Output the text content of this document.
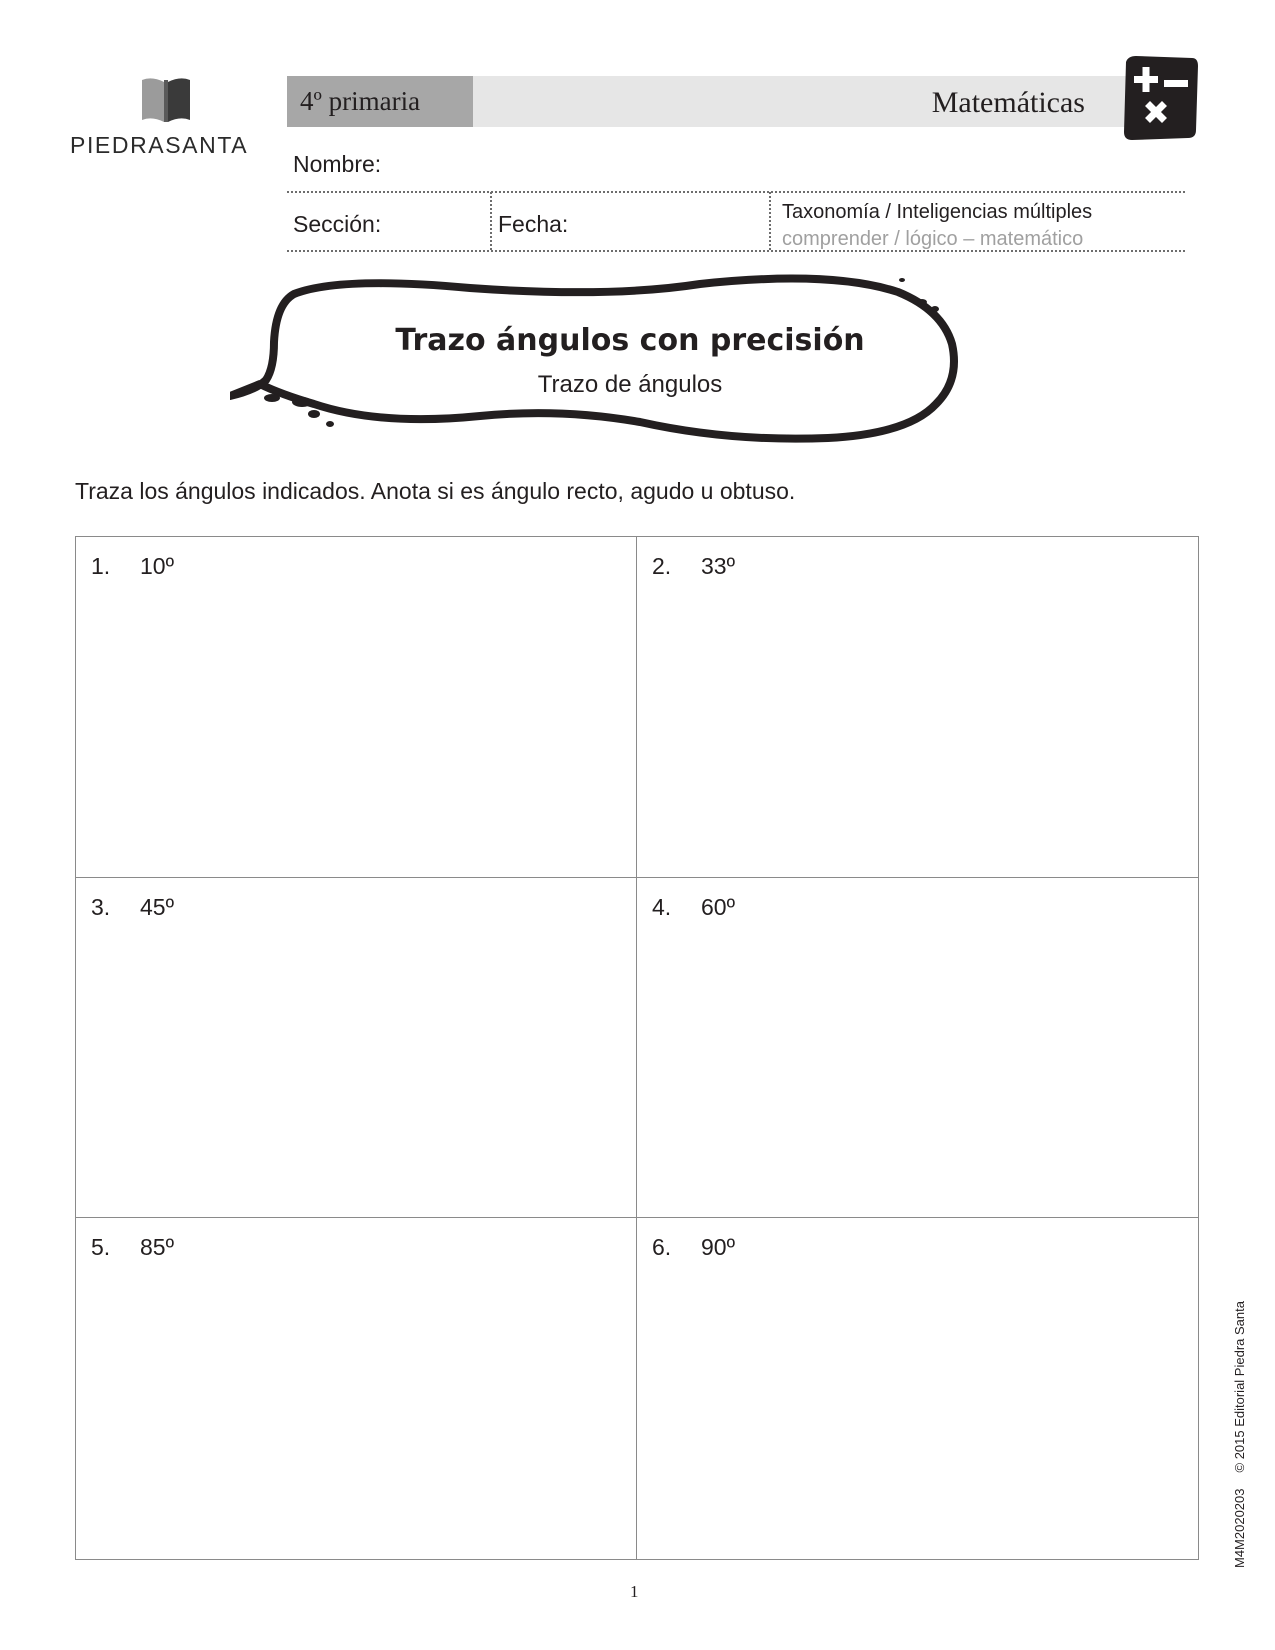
PIEDRASANTA
4º primaria	Matemáticas
Nombre:
Sección:	Fecha:	Taxonomía / Inteligencias múltiples
comprender / lógico – matemático
Trazo ángulos con precisión
Trazo de ángulos
Traza los ángulos indicados. Anota si es ángulo recto, agudo u obtuso.
1. 10º	2. 33º
3. 45º	4. 60º
5. 85º	6. 90º
M4M2020203© 2015 Editorial Piedra Santa
1
